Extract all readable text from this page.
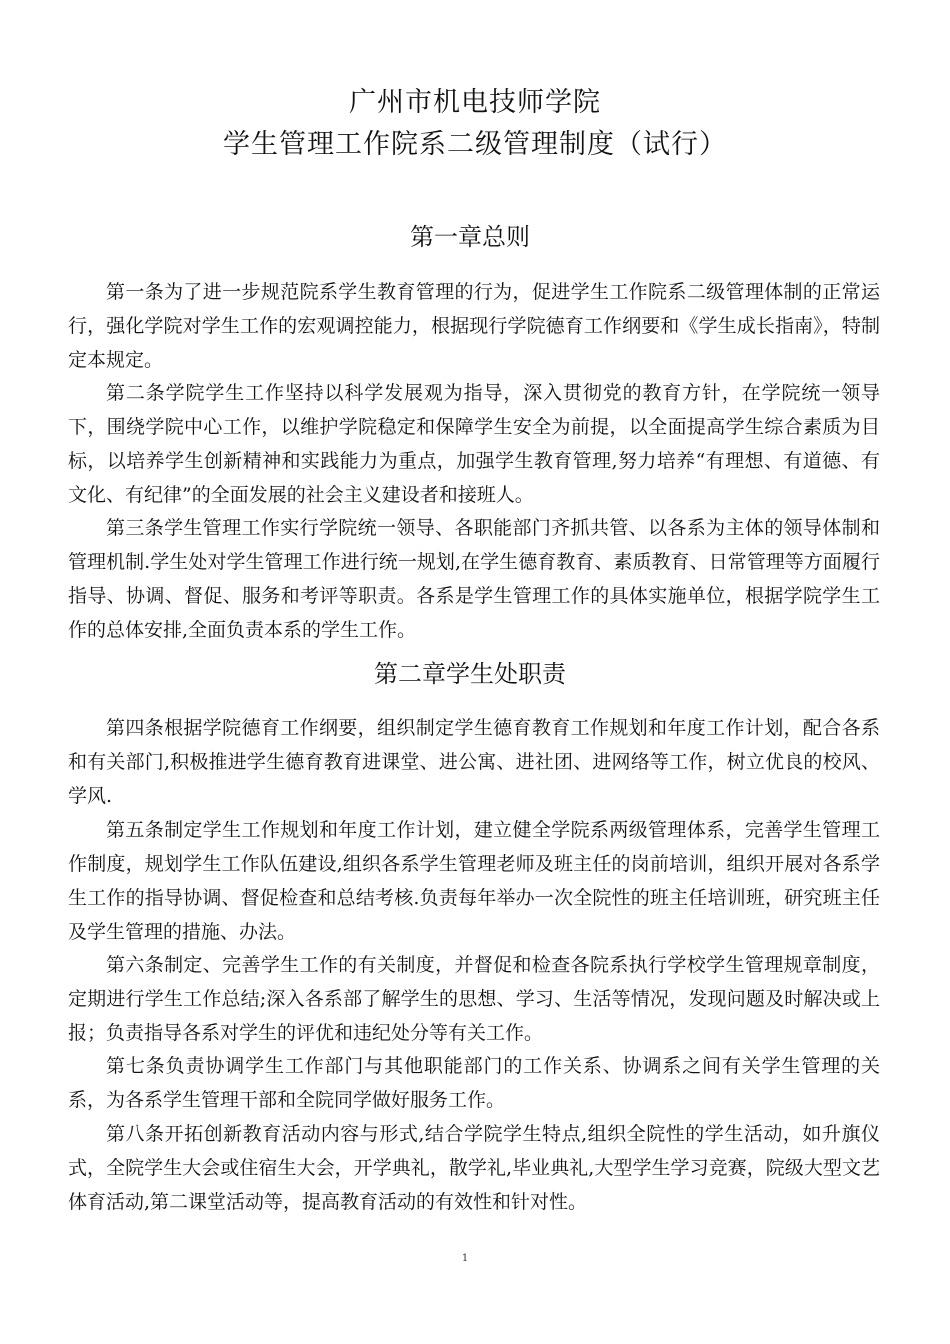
广州市机电技师学院
学生管理工作院系二级管理制度（试行）
第一章总则

第一条为了进一步规范院系学生教育管理的行为，促进学生工作院系二级管理体制的正常运行，强化学院对学生工作的宏观调控能力，根据现行学院德育工作纲要和《学生成长指南》，特制定本规定。

第二条学院学生工作坚持以科学发展观为指导，深入贯彻党的教育方针，在学院统一领导下，围绕学院中心工作，以维护学院稳定和保障学生安全为前提，以全面提高学生综合素质为目标，以培养学生创新精神和实践能力为重点，加强学生教育管理,努力培养“有理想、有道德、有文化、有纪律”的全面发展的社会主义建设者和接班人。

第三条学生管理工作实行学院统一领导、各职能部门齐抓共管、以各系为主体的领导体制和管理机制.学生处对学生管理工作进行统一规划,在学生德育教育、素质教育、日常管理等方面履行指导、协调、督促、服务和考评等职责。各系是学生管理工作的具体实施单位，根据学院学生工作的总体安排,全面负责本系的学生工作。

第二章学生处职责

第四条根据学院德育工作纲要，组织制定学生德育教育工作规划和年度工作计划，配合各系和有关部门,积极推进学生德育教育进课堂、进公寓、进社团、进网络等工作，树立优良的校风、学风.

第五条制定学生工作规划和年度工作计划，建立健全学院系两级管理体系，完善学生管理工作制度，规划学生工作队伍建设,组织各系学生管理老师及班主任的岗前培训，组织开展对各系学生工作的指导协调、督促检查和总结考核.负责每年举办一次全院性的班主任培训班，研究班主任及学生管理的措施、办法。

第六条制定、完善学生工作的有关制度，并督促和检查各院系执行学校学生管理规章制度，定期进行学生工作总结;深入各系部了解学生的思想、学习、生活等情况，发现问题及时解决或上报；负责指导各系对学生的评优和违纪处分等有关工作。

第七条负责协调学生工作部门与其他职能部门的工作关系、协调系之间有关学生管理的关系，为各系学生管理干部和全院同学做好服务工作。

第八条开拓创新教育活动内容与形式,结合学院学生特点,组织全院性的学生活动，如升旗仪式，全院学生大会或住宿生大会，开学典礼，散学礼,毕业典礼,大型学生学习竞赛，院级大型文艺体育活动,第二课堂活动等，提高教育活动的有效性和针对性。

1
